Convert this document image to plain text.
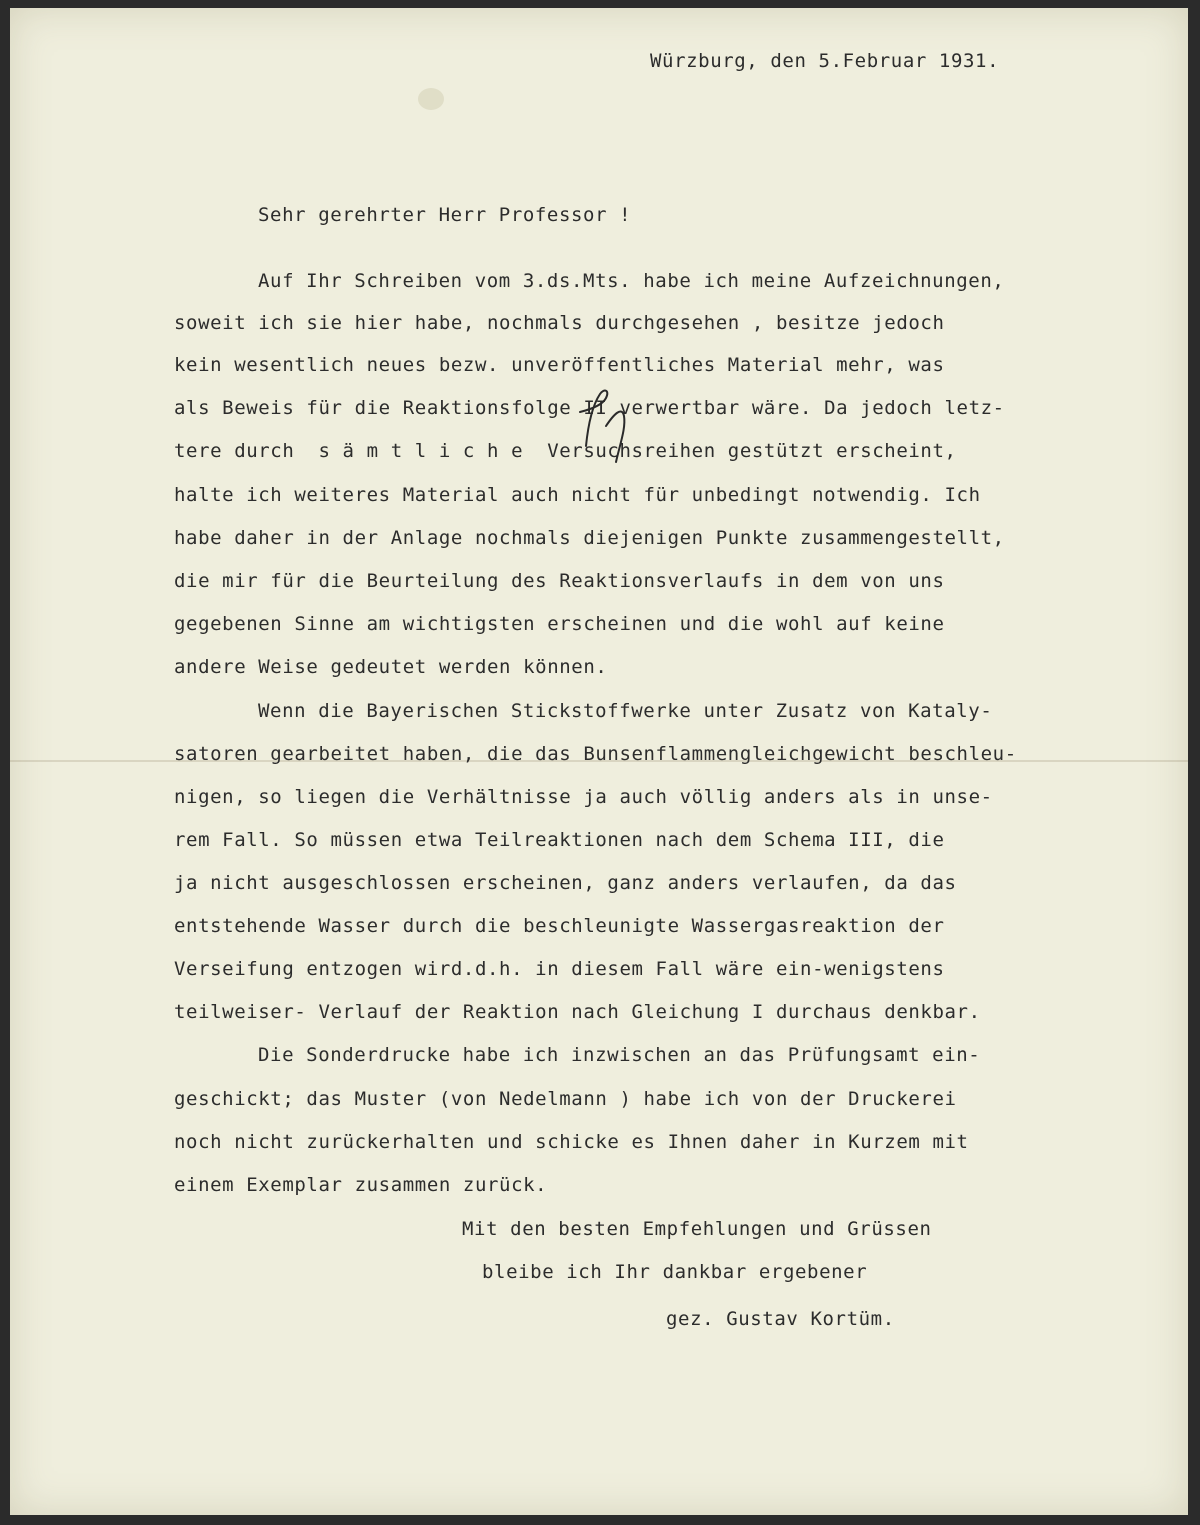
Würzburg, den 5.Februar 1931.

Sehr gerehrter Herr Professor !

Auf Ihr Schreiben vom 3.ds.Mts. habe ich meine Aufzeichnungen,

soweit ich sie hier habe, nochmals durchgesehen , besitze jedoch

kein wesentlich neues bezw. unveröffentliches Material mehr, was

als Beweis für die Reaktionsfolge II verwertbar wäre. Da jedoch letz-

tere durch  s ä m t l i c h e  Versuchsreihen gestützt erscheint,

halte ich weiteres Material auch nicht für unbedingt notwendig. Ich

habe daher in der Anlage nochmals diejenigen Punkte zusammengestellt,

die mir für die Beurteilung des Reaktionsverlaufs in dem von uns

gegebenen Sinne am wichtigsten erscheinen und die wohl auf keine

andere Weise gedeutet werden können.

Wenn die Bayerischen Stickstoffwerke unter Zusatz von Kataly-

satoren gearbeitet haben, die das Bunsenflammengleichgewicht beschleu-

nigen, so liegen die Verhältnisse ja auch völlig anders als in unse-

rem Fall. So müssen etwa Teilreaktionen nach dem Schema III, die

ja nicht ausgeschlossen erscheinen, ganz anders verlaufen, da das

entstehende Wasser durch die beschleunigte Wassergasreaktion der

Verseifung entzogen wird.d.h. in diesem Fall wäre ein-wenigstens

teilweiser- Verlauf der Reaktion nach Gleichung I durchaus denkbar.

Die Sonderdrucke habe ich inzwischen an das Prüfungsamt ein-

geschickt; das Muster (von Nedelmann ) habe ich von der Druckerei

noch nicht zurückerhalten und schicke es Ihnen daher in Kurzem mit

einem Exemplar zusammen zurück.

Mit den besten Empfehlungen und Grüssen

bleibe ich Ihr dankbar ergebener

gez. Gustav Kortüm.
